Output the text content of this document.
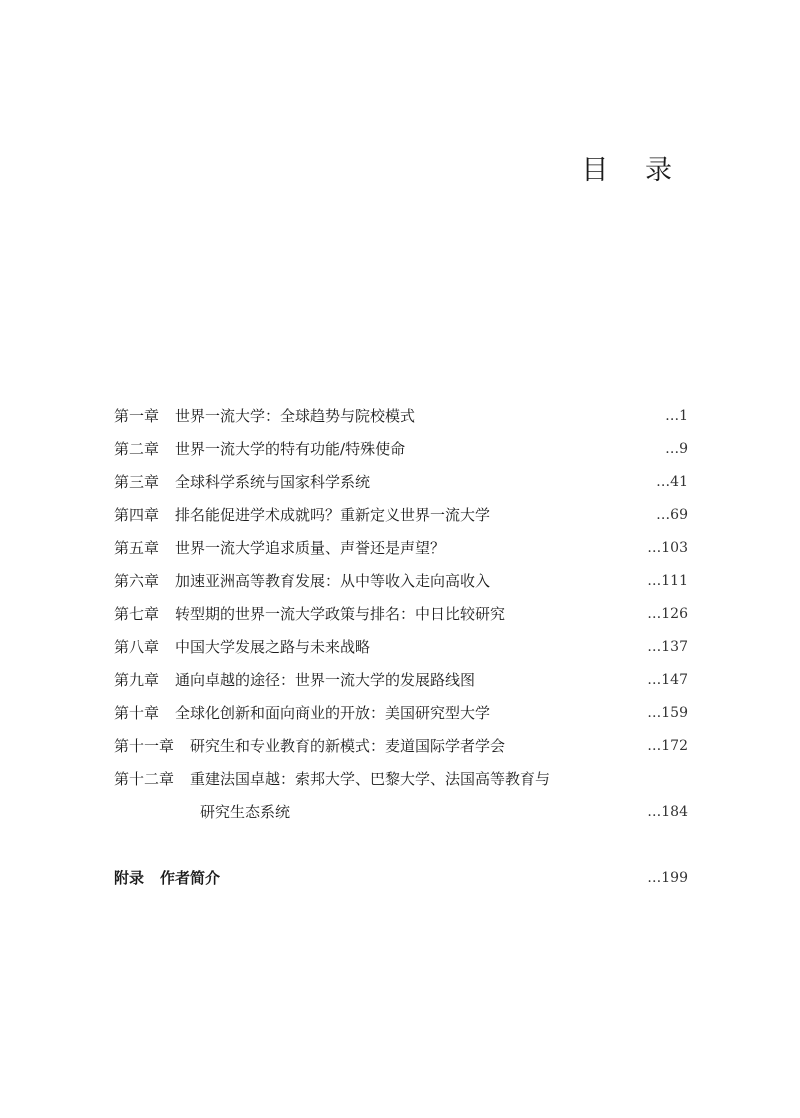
目 录
第一章 世界一流大学：全球趋势与院校模式	…1
第二章 世界一流大学的特有功能/特殊使命	…9
第三章 全球科学系统与国家科学系统	…41
第四章 排名能促进学术成就吗？重新定义世界一流大学	…69
第五章 世界一流大学追求质量、声誉还是声望？	…103
第六章 加速亚洲高等教育发展：从中等收入走向高收入	…111
第七章 转型期的世界一流大学政策与排名：中日比较研究	…126
第八章 中国大学发展之路与未来战略	…137
第九章 通向卓越的途径：世界一流大学的发展路线图	…147
第十章 全球化创新和面向商业的开放：美国研究型大学	…159
第十一章 研究生和专业教育的新模式：麦道国际学者学会	…172
第十二章 重建法国卓越：索邦大学、巴黎大学、法国高等教育与
研究生态系统	…184
附录 作者简介	…199
